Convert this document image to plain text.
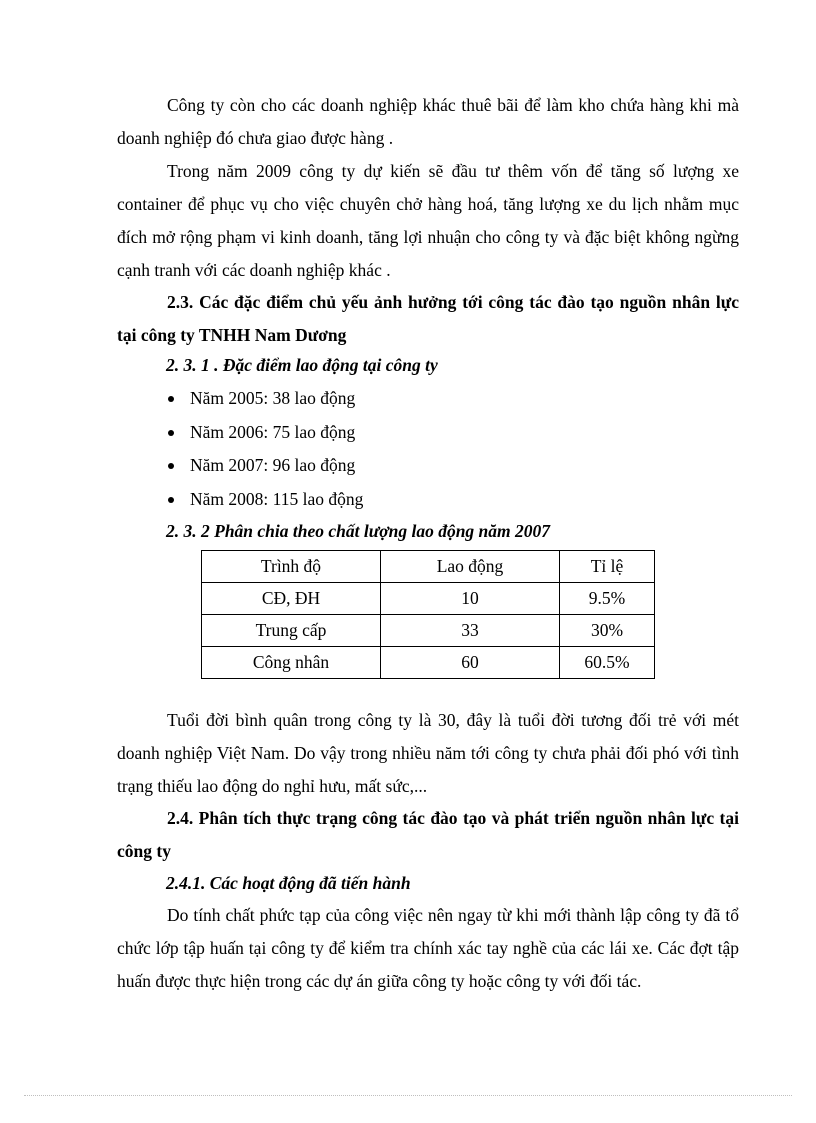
Công ty còn cho các doanh nghiệp khác thuê bãi để làm kho chứa hàng khi mà doanh nghiệp đó chưa giao được hàng .
Trong năm 2009 công ty dự kiến sẽ đầu tư thêm vốn để tăng số lượng xe container để phục vụ cho việc chuyên chở hàng hoá, tăng lượng xe du lịch nhằm mục đích mở rộng phạm vi kinh doanh, tăng lợi nhuận cho công ty và đặc biệt không ngừng cạnh tranh với các doanh nghiệp khác .
2.3. Các đặc điểm chủ yếu ảnh hưởng tới công tác đào tạo nguồn nhân lực tại công ty TNHH Nam Dương
2. 3. 1 . Đặc điểm lao động tại công ty
Năm 2005: 38 lao động
Năm 2006: 75 lao động
Năm 2007: 96 lao động
Năm 2008: 115 lao động
2. 3. 2 Phân chia theo chất lượng lao động năm 2007
Trình độ	Lao động	Tỉ lệ
CĐ, ĐH	10	9.5%
Trung cấp	33	30%
Công nhân	60	60.5%
Tuổi đời bình quân trong công ty là 30, đây là tuổi đời tương đối trẻ với mét doanh nghiệp Việt Nam. Do vậy trong nhiều năm tới công ty chưa phải đối phó với tình trạng thiếu lao động do nghỉ hưu, mất sức,...
2.4. Phân tích thực trạng công tác đào tạo và phát triển nguồn nhân lực tại công ty
2.4.1. Các hoạt động đã tiến hành
Do tính chất phức tạp của công việc nên ngay từ khi mới thành lập công ty đã tổ chức lớp tập huấn tại công ty để kiểm tra chính xác tay nghề của các lái xe. Các đợt tập huấn được thực hiện trong các dự án giữa công ty hoặc công ty với đối tác.
